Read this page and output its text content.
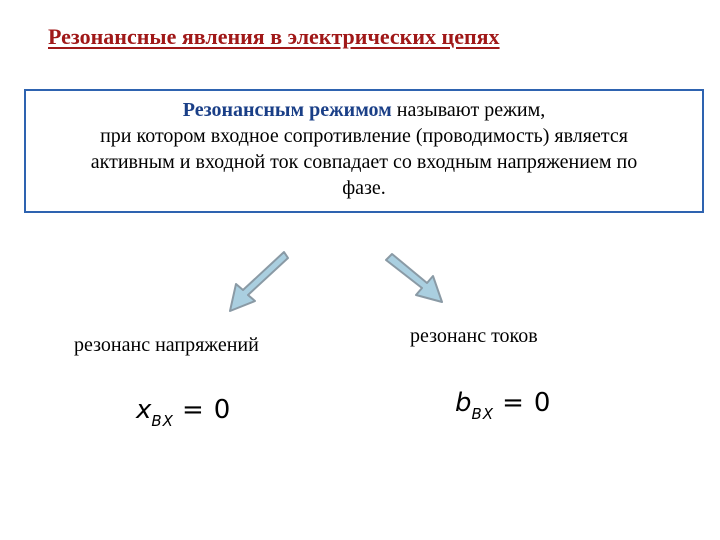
Резонансные явления в электрических цепях
Резонансным режимом называют режим,
при котором входное сопротивление (проводимость) является
активным и входной ток совпадает со входным напряжением по
фазе.
резонанс напряжений	резонанс токов
$x_{ВХ} = 0$	$b_{ВХ} = 0$
